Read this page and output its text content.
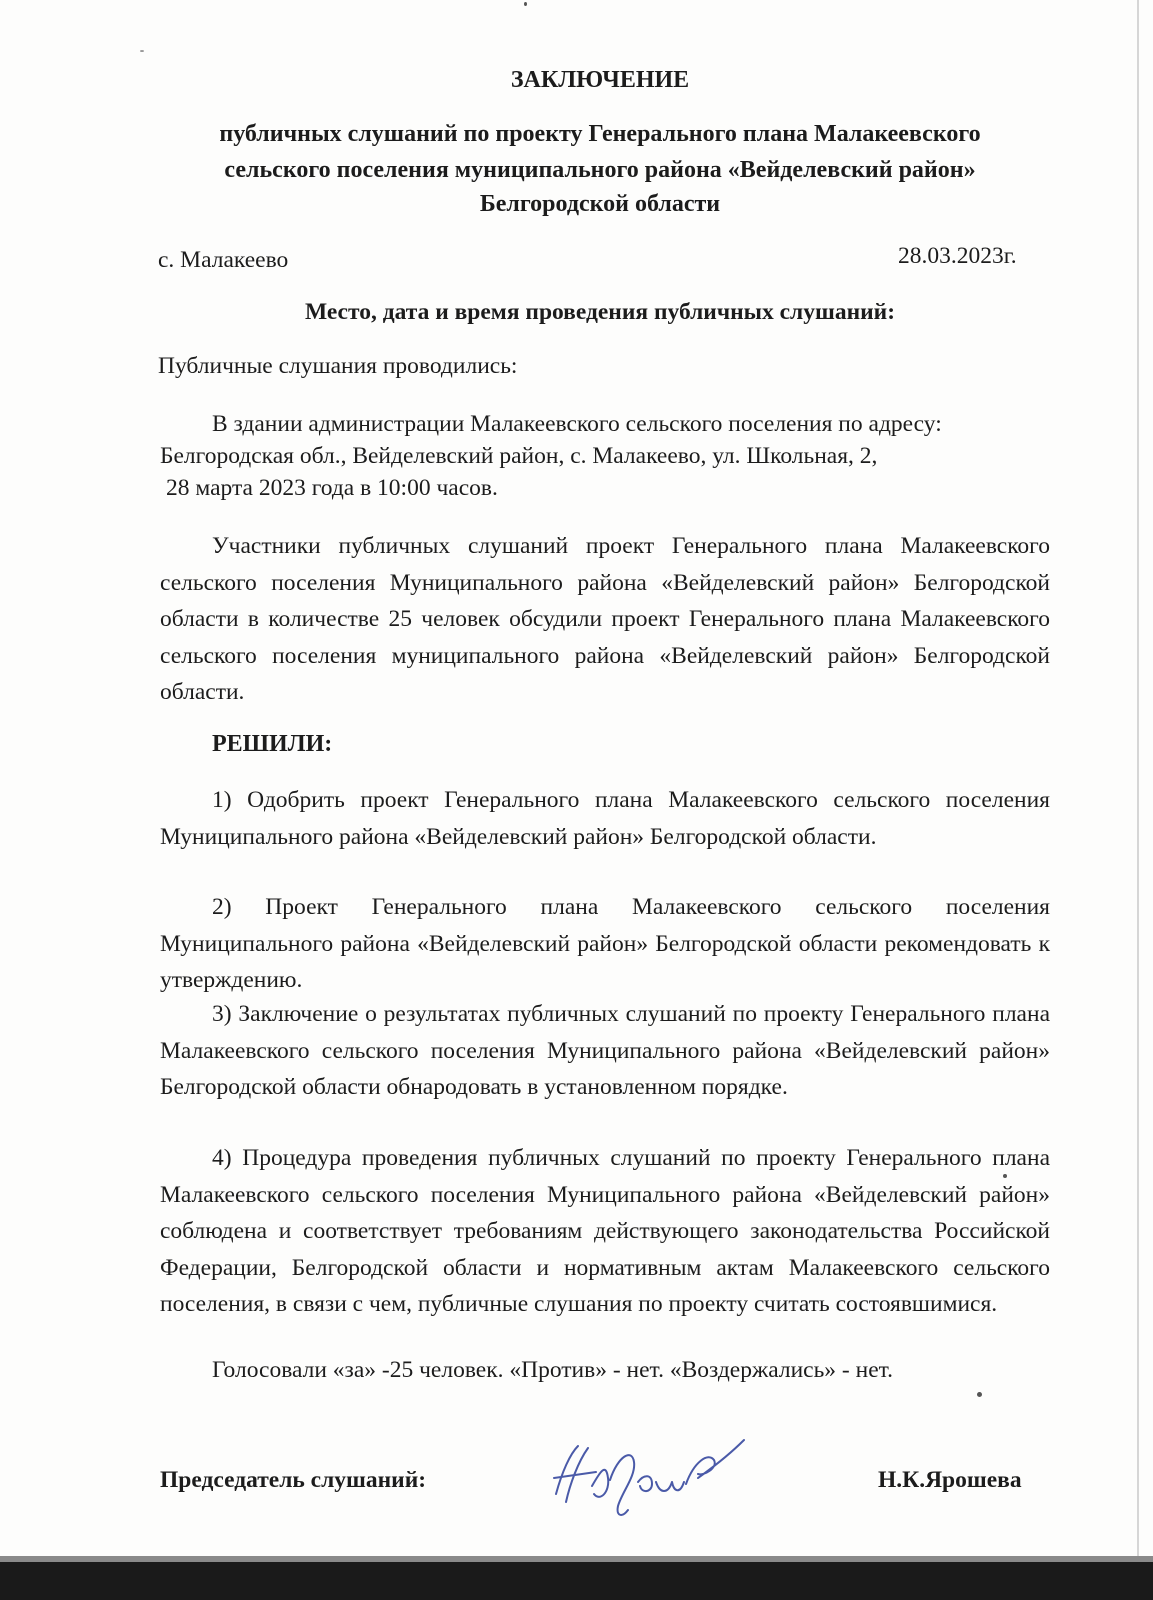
ЗАКЛЮЧЕНИЕ
публичных слушаний по проекту Генерального плана Малакеевского
сельского поселения муниципального района «Вейделевский район»
Белгородской области
с. Малакеево	28.03.2023г.
Место, дата и время проведения публичных слушаний:
Публичные слушания проводились:
В здании администрации Малакеевского сельского поселения по адресу:
Белгородская обл., Вейделевский район, с. Малакеево, ул. Школьная, 2,
28 марта 2023 года в 10:00 часов.
Участники публичных слушаний проект Генерального плана Малакеевского сельского поселения Муниципального района «Вейделевский район» Белгородской области в количестве 25 человек обсудили проект Генерального плана Малакеевского сельского поселения муниципального района «Вейделевский район» Белгородской области.
РЕШИЛИ:
1) Одобрить проект Генерального плана Малакеевского сельского поселения Муниципального района «Вейделевский район» Белгородской области.
2) Проект Генерального плана Малакеевского сельского поселения Муниципального района «Вейделевский район» Белгородской области рекомендовать к утверждению.
3) Заключение о результатах публичных слушаний по проекту Генерального плана Малакеевского сельского поселения Муниципального района «Вейделевский район» Белгородской области обнародовать в установленном порядке.
4) Процедура проведения публичных слушаний по проекту Генерального плана Малакеевского сельского поселения Муниципального района «Вейделевский район» соблюдена и соответствует требованиям действующего законодательства Российской Федерации, Белгородской области и нормативным актам Малакеевского сельского поселения, в связи с чем, публичные слушания по проекту считать состоявшимися.
Голосовали «за» -25 человек. «Против» - нет. «Воздержались» - нет.
Председатель слушаний:	Н.К.Ярошева
